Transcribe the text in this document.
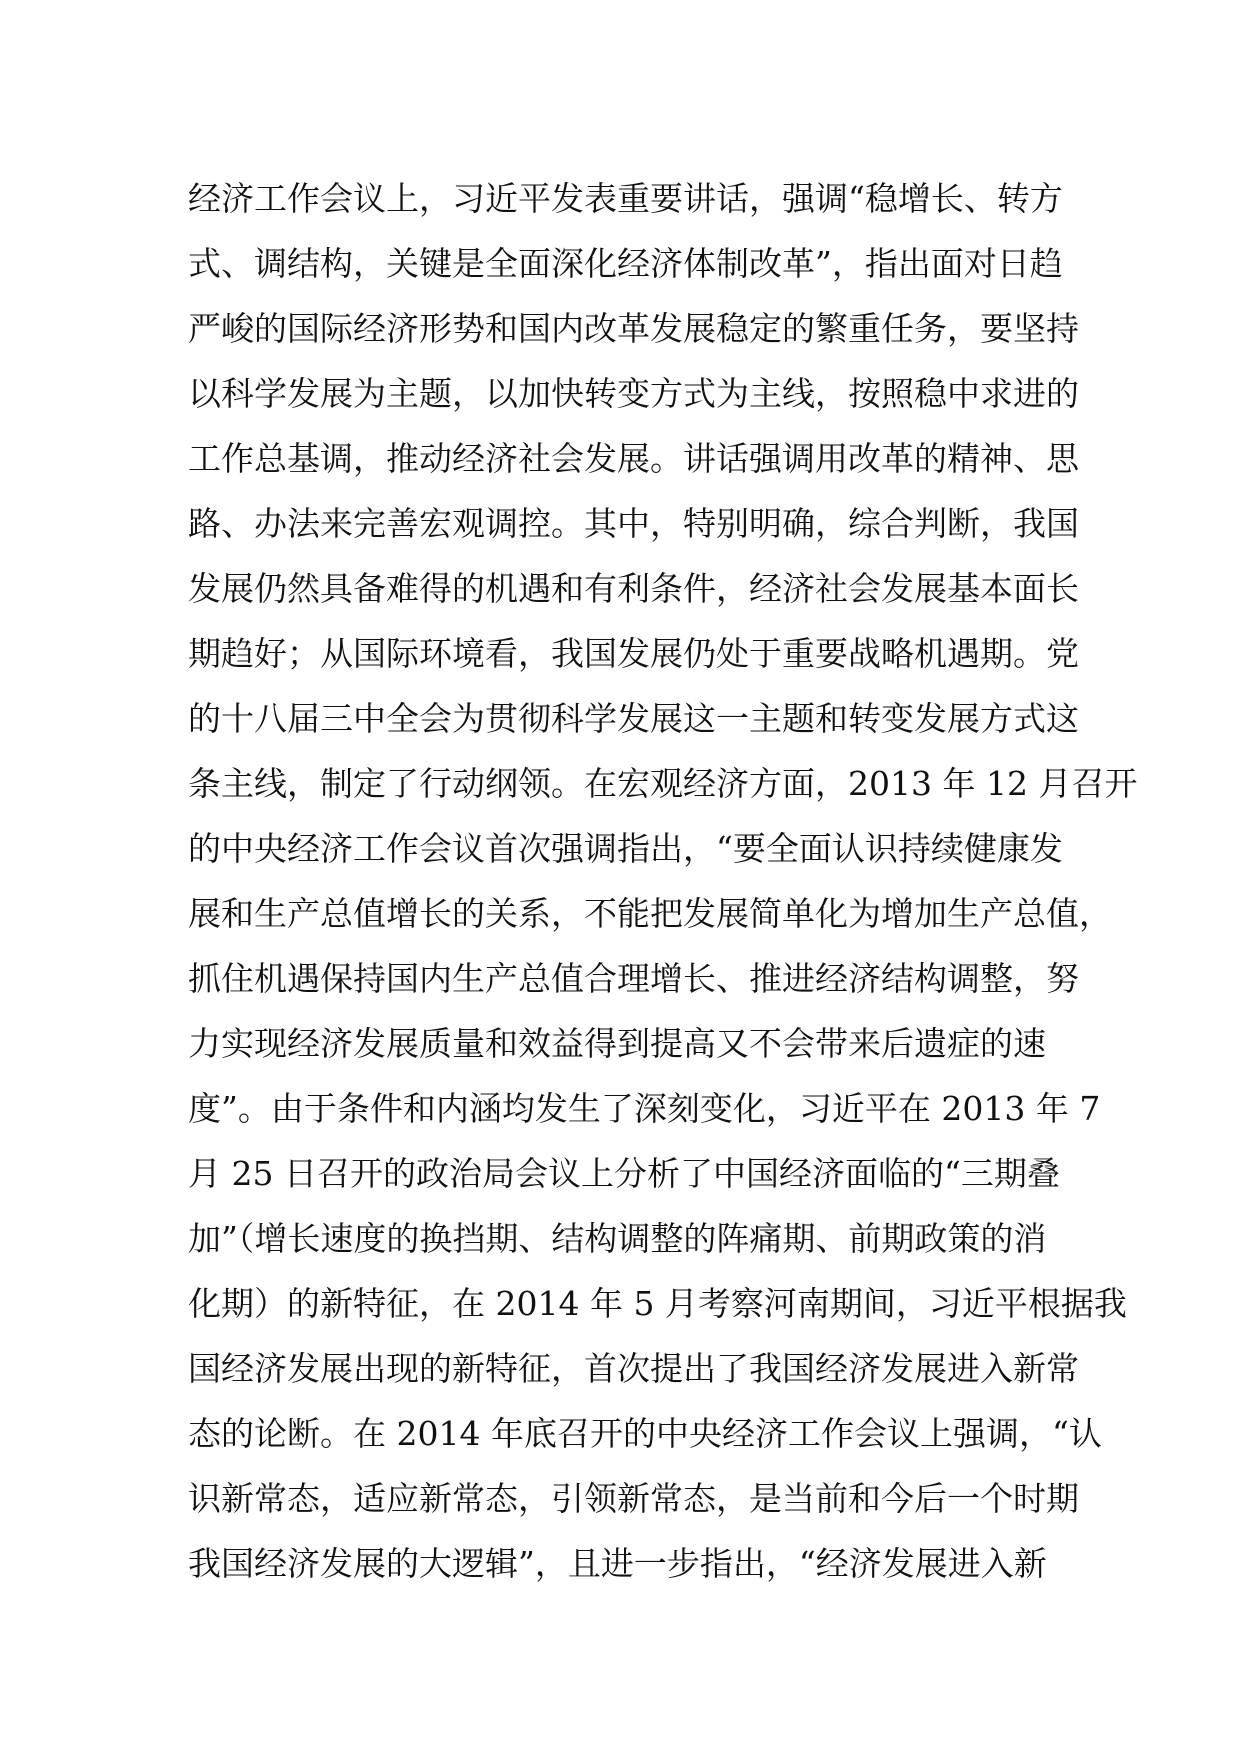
经济工作会议上，习近平发表重要讲话，强调“稳增长、转方
式、调结构，关键是全面深化经济体制改革”，指出面对日趋
严峻的国际经济形势和国内改革发展稳定的繁重任务，要坚持
以科学发展为主题，以加快转变方式为主线，按照稳中求进的
工作总基调，推动经济社会发展。讲话强调用改革的精神、思
路、办法来完善宏观调控。其中，特别明确，综合判断，我国
发展仍然具备难得的机遇和有利条件，经济社会发展基本面长
期趋好；从国际环境看，我国发展仍处于重要战略机遇期。党
的十八届三中全会为贯彻科学发展这一主题和转变发展方式这
条主线，制定了行动纲领。在宏观经济方面，2013 年 12 月召开
的中央经济工作会议首次强调指出，“要全面认识持续健康发
展和生产总值增长的关系，不能把发展简单化为增加生产总值，
抓住机遇保持国内生产总值合理增长、推进经济结构调整，努
力实现经济发展质量和效益得到提高又不会带来后遗症的速
度”。由于条件和内涵均发生了深刻变化，习近平在 2013 年 7
月 25 日召开的政治局会议上分析了中国经济面临的“三期叠
加”（增长速度的换挡期、结构调整的阵痛期、前期政策的消
化期）的新特征，在 2014 年 5 月考察河南期间，习近平根据我
国经济发展出现的新特征，首次提出了我国经济发展进入新常
态的论断。在 2014 年底召开的中央经济工作会议上强调，“认
识新常态，适应新常态，引领新常态，是当前和今后一个时期
我国经济发展的大逻辑”，且进一步指出，“经济发展进入新
